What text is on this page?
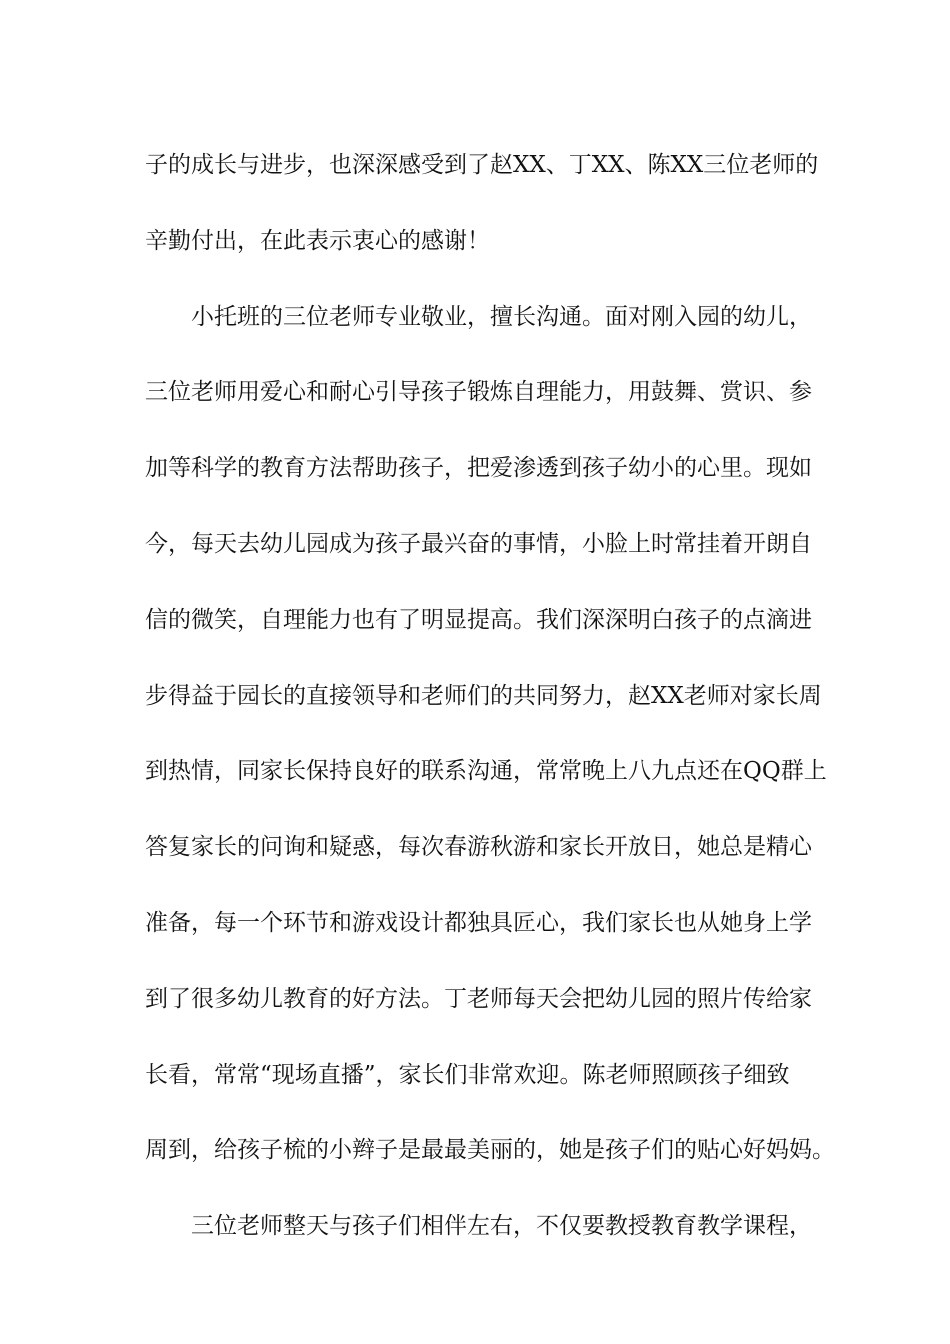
子的成长与进步，也深深感受到了赵XX、丁XX、陈XX三位老师的
辛勤付出，在此表示衷心的感谢！
小托班的三位老师专业敬业，擅长沟通。面对刚入园的幼儿，
三位老师用爱心和耐心引导孩子锻炼自理能力，用鼓舞、赏识、参
加等科学的教育方法帮助孩子，把爱渗透到孩子幼小的心里。现如
今，每天去幼儿园成为孩子最兴奋的事情，小脸上时常挂着开朗自
信的微笑，自理能力也有了明显提高。我们深深明白孩子的点滴进
步得益于园长的直接领导和老师们的共同努力，赵XX老师对家长周
到热情，同家长保持良好的联系沟通，常常晚上八九点还在QQ群上
答复家长的问询和疑惑，每次春游秋游和家长开放日，她总是精心
准备，每一个环节和游戏设计都独具匠心，我们家长也从她身上学
到了很多幼儿教育的好方法。丁老师每天会把幼儿园的照片传给家
长看，常常“现场直播”，家长们非常欢迎。陈老师照顾孩子细致
周到，给孩子梳的小辫子是最最美丽的，她是孩子们的贴心好妈妈。
三位老师整天与孩子们相伴左右，不仅要教授教育教学课程，
